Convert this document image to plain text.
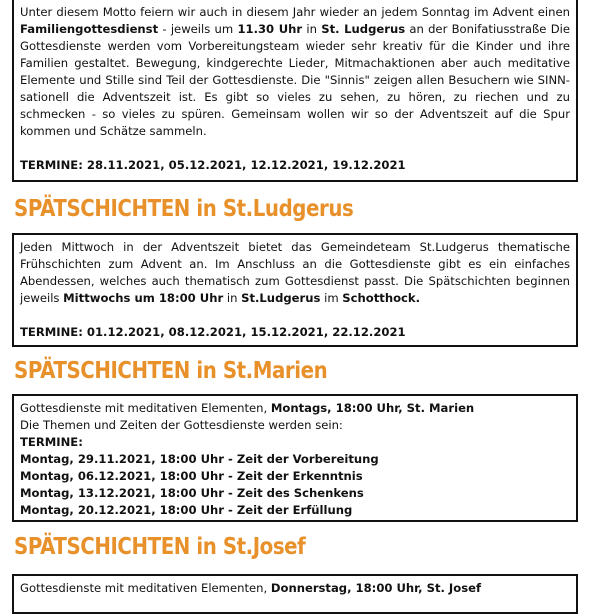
Unter diesem Motto feiern wir auch in diesem Jahr wieder an jedem Sonntag im Advent einen Familiengottesdienst - jeweils um 11.30 Uhr in St. Ludgerus an der Bonifatiusstraße Die Gottesdienste werden vom Vorbereitungsteam wieder sehr kreativ für die Kinder und ihre Familien gestaltet. Bewegung, kindgerechte Lieder, Mitmachaktionen aber auch meditative Elemente und Stille sind Teil der Gottesdienste. Die "Sinnis" zeigen allen Besuchern wie SINN-sationell die Adventszeit ist. Es gibt so vieles zu sehen, zu hören, zu riechen und zu schmecken - so vieles zu spüren. Gemeinsam wollen wir so der Adventszeit auf die Spur kommen und Schätze sammeln.

TERMINE: 28.11.2021, 05.12.2021, 12.12.2021, 19.12.2021

SPÄTSCHICHTEN in St.Ludgerus

Jeden Mittwoch in der Adventszeit bietet das Gemeindeteam St.Ludgerus thematische Frühschichten zum Advent an. Im Anschluss an die Gottesdienste gibt es ein einfaches Abendessen, welches auch thematisch zum Gottesdienst passt. Die Spätschichten beginnen jeweils Mittwochs um 18:00 Uhr in St.Ludgerus im Schotthock.

TERMINE: 01.12.2021, 08.12.2021, 15.12.2021, 22.12.2021

SPÄTSCHICHTEN in St.Marien

Gottesdienste mit meditativen Elementen, Montags, 18:00 Uhr, St. Marien

Die Themen und Zeiten der Gottesdienste werden sein:

TERMINE:

Montag, 29.11.2021, 18:00 Uhr - Zeit der Vorbereitung
Montag, 06.12.2021, 18:00 Uhr - Zeit der Erkenntnis
Montag, 13.12.2021, 18:00 Uhr - Zeit des Schenkens
Montag, 20.12.2021, 18:00 Uhr - Zeit der Erfüllung
SPÄTSCHICHTEN in St.Josef

Gottesdienste mit meditativen Elementen, Donnerstag, 18:00 Uhr, St. Josef
